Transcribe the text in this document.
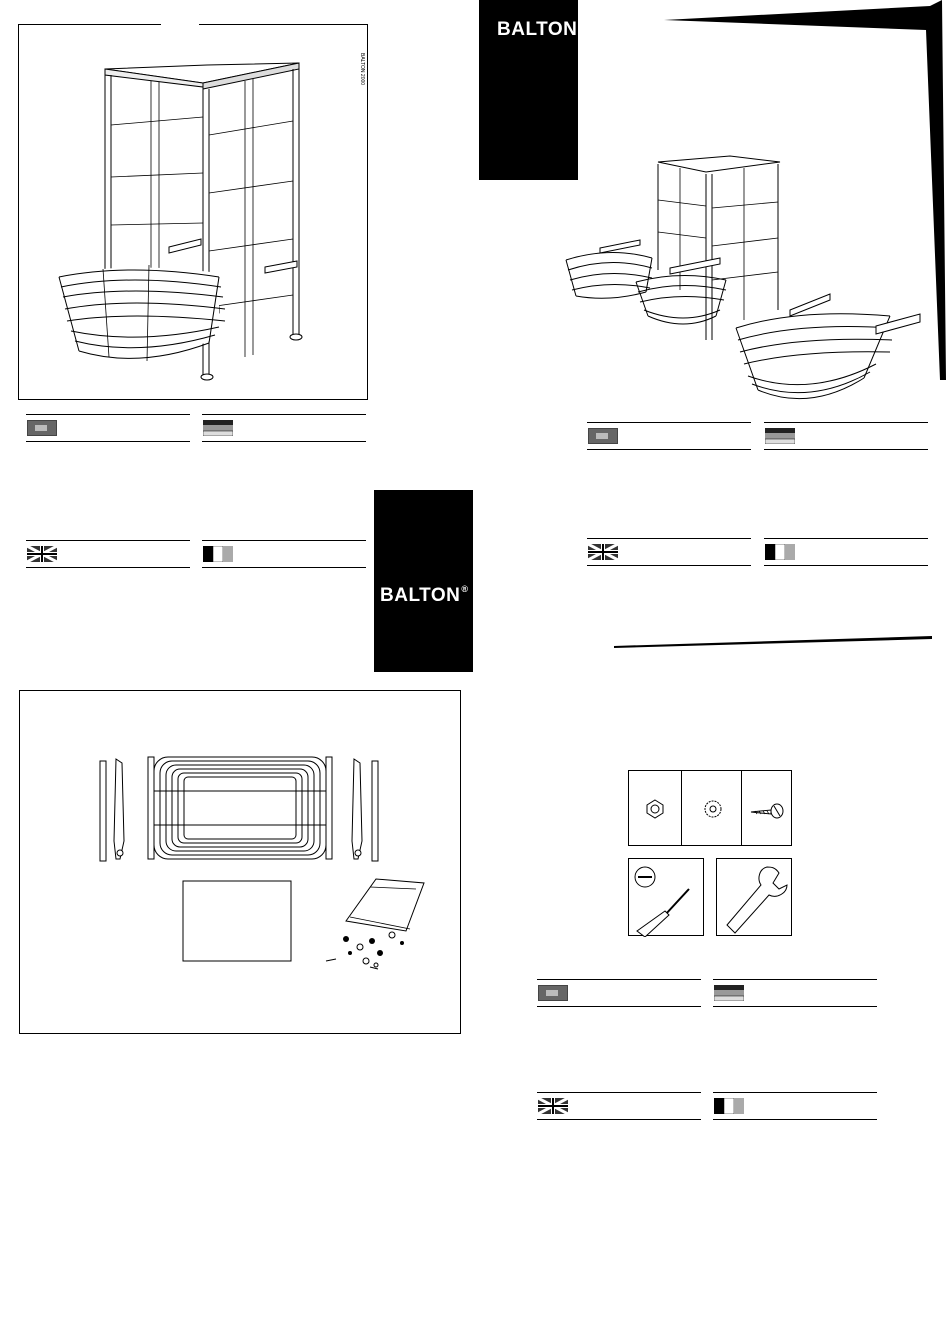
BALTON 2000
BALTON®
BALTON®
